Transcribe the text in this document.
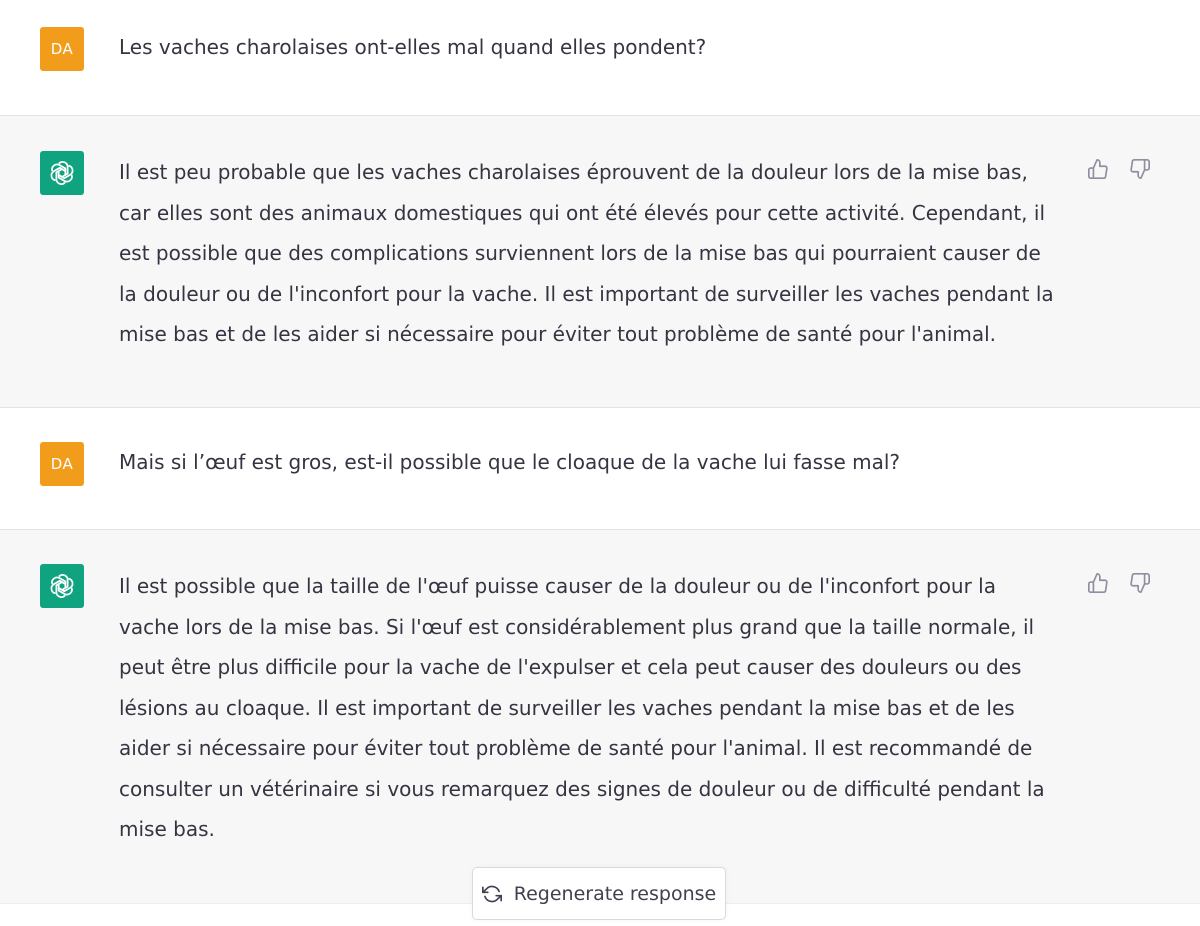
DA Les vaches charolaises ont-elles mal quand elles pondent?

Il est peu probable que les vaches charolaises éprouvent de la douleur lors de la mise bas,
car elles sont des animaux domestiques qui ont été élevés pour cette activité. Cependant, il
est possible que des complications surviennent lors de la mise bas qui pourraient causer de
la douleur ou de l'inconfort pour la vache. Il est important de surveiller les vaches pendant la
mise bas et de les aider si nécessaire pour éviter tout problème de santé pour l'animal.
DA Mais si l’œuf est gros, est-il possible que le cloaque de la vache lui fasse mal?

Il est possible que la taille de l'œuf puisse causer de la douleur ou de l'inconfort pour la
vache lors de la mise bas. Si l'œuf est considérablement plus grand que la taille normale, il
peut être plus difficile pour la vache de l'expulser et cela peut causer des douleurs ou des
lésions au cloaque. Il est important de surveiller les vaches pendant la mise bas et de les
aider si nécessaire pour éviter tout problème de santé pour l'animal. Il est recommandé de
consulter un vétérinaire si vous remarquez des signes de douleur ou de difficulté pendant la
mise bas.
Regenerate response
